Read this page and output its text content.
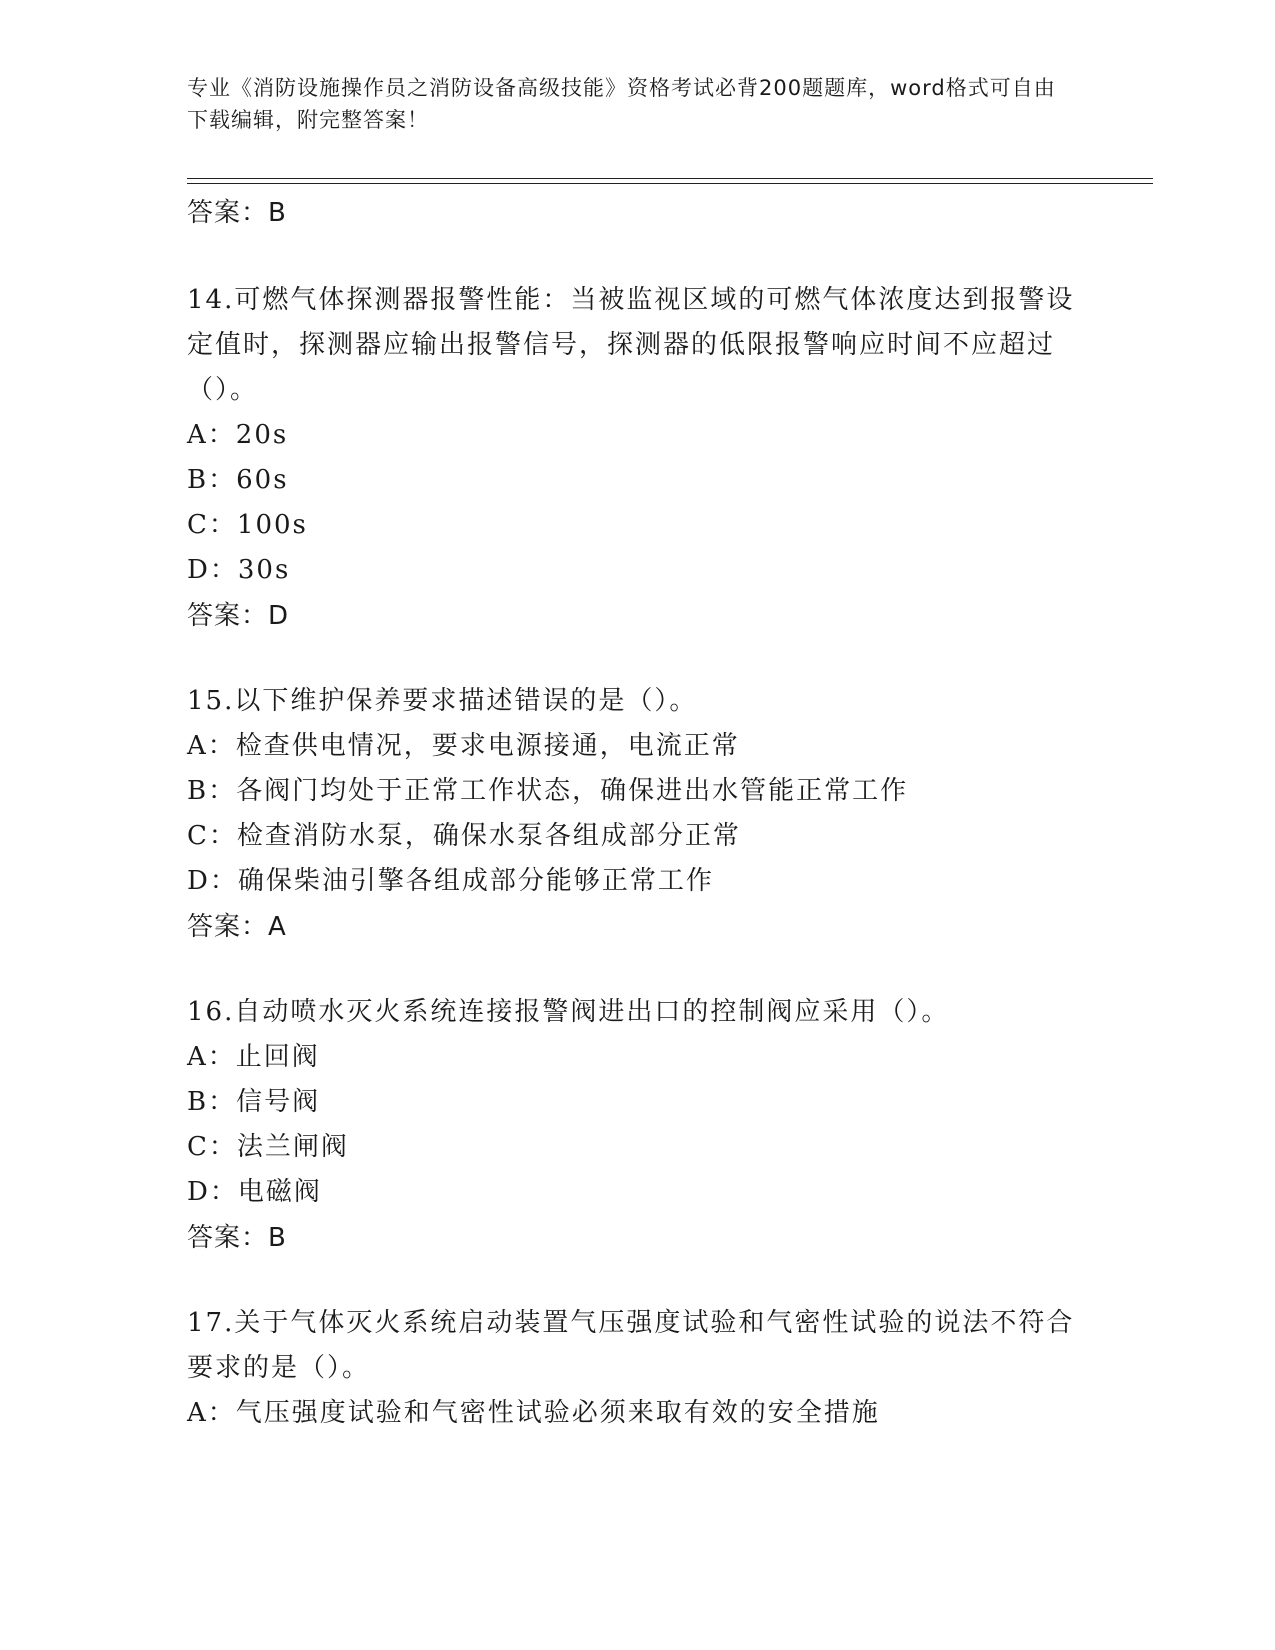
专业《消防设施操作员之消防设备高级技能》资格考试必背200题题库，word格式可自由下载编辑，附完整答案！

答案：B

14.可燃气体探测器报警性能：当被监视区域的可燃气体浓度达到报警设定值时，探测器应输出报警信号，探测器的低限报警响应时间不应超过（）。

A：20s

B：60s

C：100s

D：30s

答案：D

15.以下维护保养要求描述错误的是（）。

A：检查供电情况，要求电源接通，电流正常

B：各阀门均处于正常工作状态，确保进出水管能正常工作

C：检查消防水泵，确保水泵各组成部分正常

D：确保柴油引擎各组成部分能够正常工作

答案：A

16.自动喷水灭火系统连接报警阀进出口的控制阀应采用（）。

A：止回阀

B：信号阀

C：法兰闸阀

D：电磁阀

答案：B

17.关于气体灭火系统启动装置气压强度试验和气密性试验的说法不符合要求的是（）。

A：气压强度试验和气密性试验必须来取有效的安全措施
